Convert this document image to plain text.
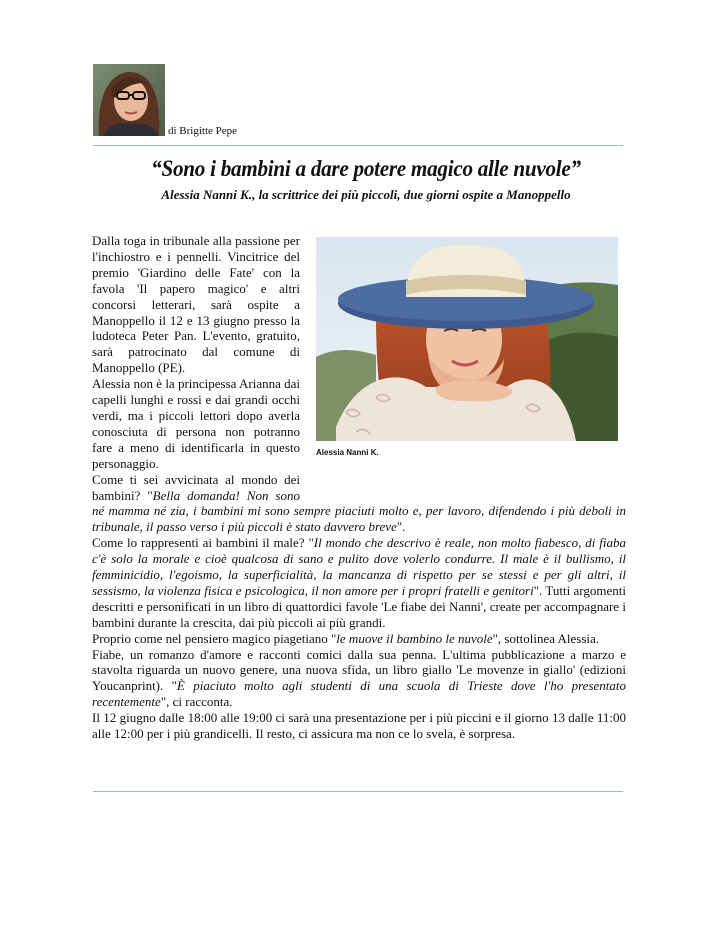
di Brigitte Pepe
“Sono i bambini a dare potere magico alle nuvole”
Alessia Nanni K., la scrittrice dei più piccoli, due giorni ospite a Manoppello
Alessia Nanni K.

Dalla toga in tribunale alla passione per l'inchiostro e i pennelli. Vincitrice del premio 'Giardino delle Fate' con la favola 'Il papero magico' e altri concorsi letterari, sarà ospite a Manoppello il 12 e 13 giugno presso la ludoteca Peter Pan. L'evento, gratuito, sarà patrocinato dal comune di Manoppello (PE).

Alessia non è la principessa Arianna dai capelli lunghi e rossi e dai grandi occhi verdi, ma i piccoli lettori dopo averla conosciuta di persona non potranno fare a meno di identificarla in questo personaggio.

Come ti sei avvicinata al mondo dei bambini? "Bella domanda! Non sono né mamma né zia, i bambini mi sono sempre piaciuti molto e, per lavoro, difendendo i più deboli in tribunale, il passo verso i più piccoli è stato davvero breve".

Come lo rappresenti ai bambini il male? "Il mondo che descrivo è reale, non molto fiabesco, di fiaba c'è solo la morale e cioè qualcosa di sano e pulito dove volerlo condurre. Il male è il bullismo, il femminicidio, l'egoismo, la superficialità, la mancanza di rispetto per se stessi e per gli altri, il sessismo, la violenza fisica e psicologica, il non amore per i propri fratelli e genitori". Tutti argomenti descritti e personificati in un libro di quattordici favole 'Le fiabe dei Nanni', create per accompagnare i bambini durante la crescita, dai più piccoli ai più grandi.

Proprio come nel pensiero magico piagetiano "le muove il bambino le nuvole", sottolinea Alessia.

Fiabe, un romanzo d'amore e racconti comici dalla sua penna. L'ultima pubblicazione a marzo e stavolta riguarda un nuovo genere, una nuova sfida, un libro giallo 'Le movenze in giallo' (edizioni Youcanprint). "È piaciuto molto agli studenti di una scuola di Trieste dove l'ho presentato recentemente", ci racconta.

Il 12 giugno dalle 18:00 alle 19:00 ci sarà una presentazione per i più piccini e il giorno 13 dalle 11:00 alle 12:00 per i più grandicelli. Il resto, ci assicura ma non ce lo svela, è sorpresa.
